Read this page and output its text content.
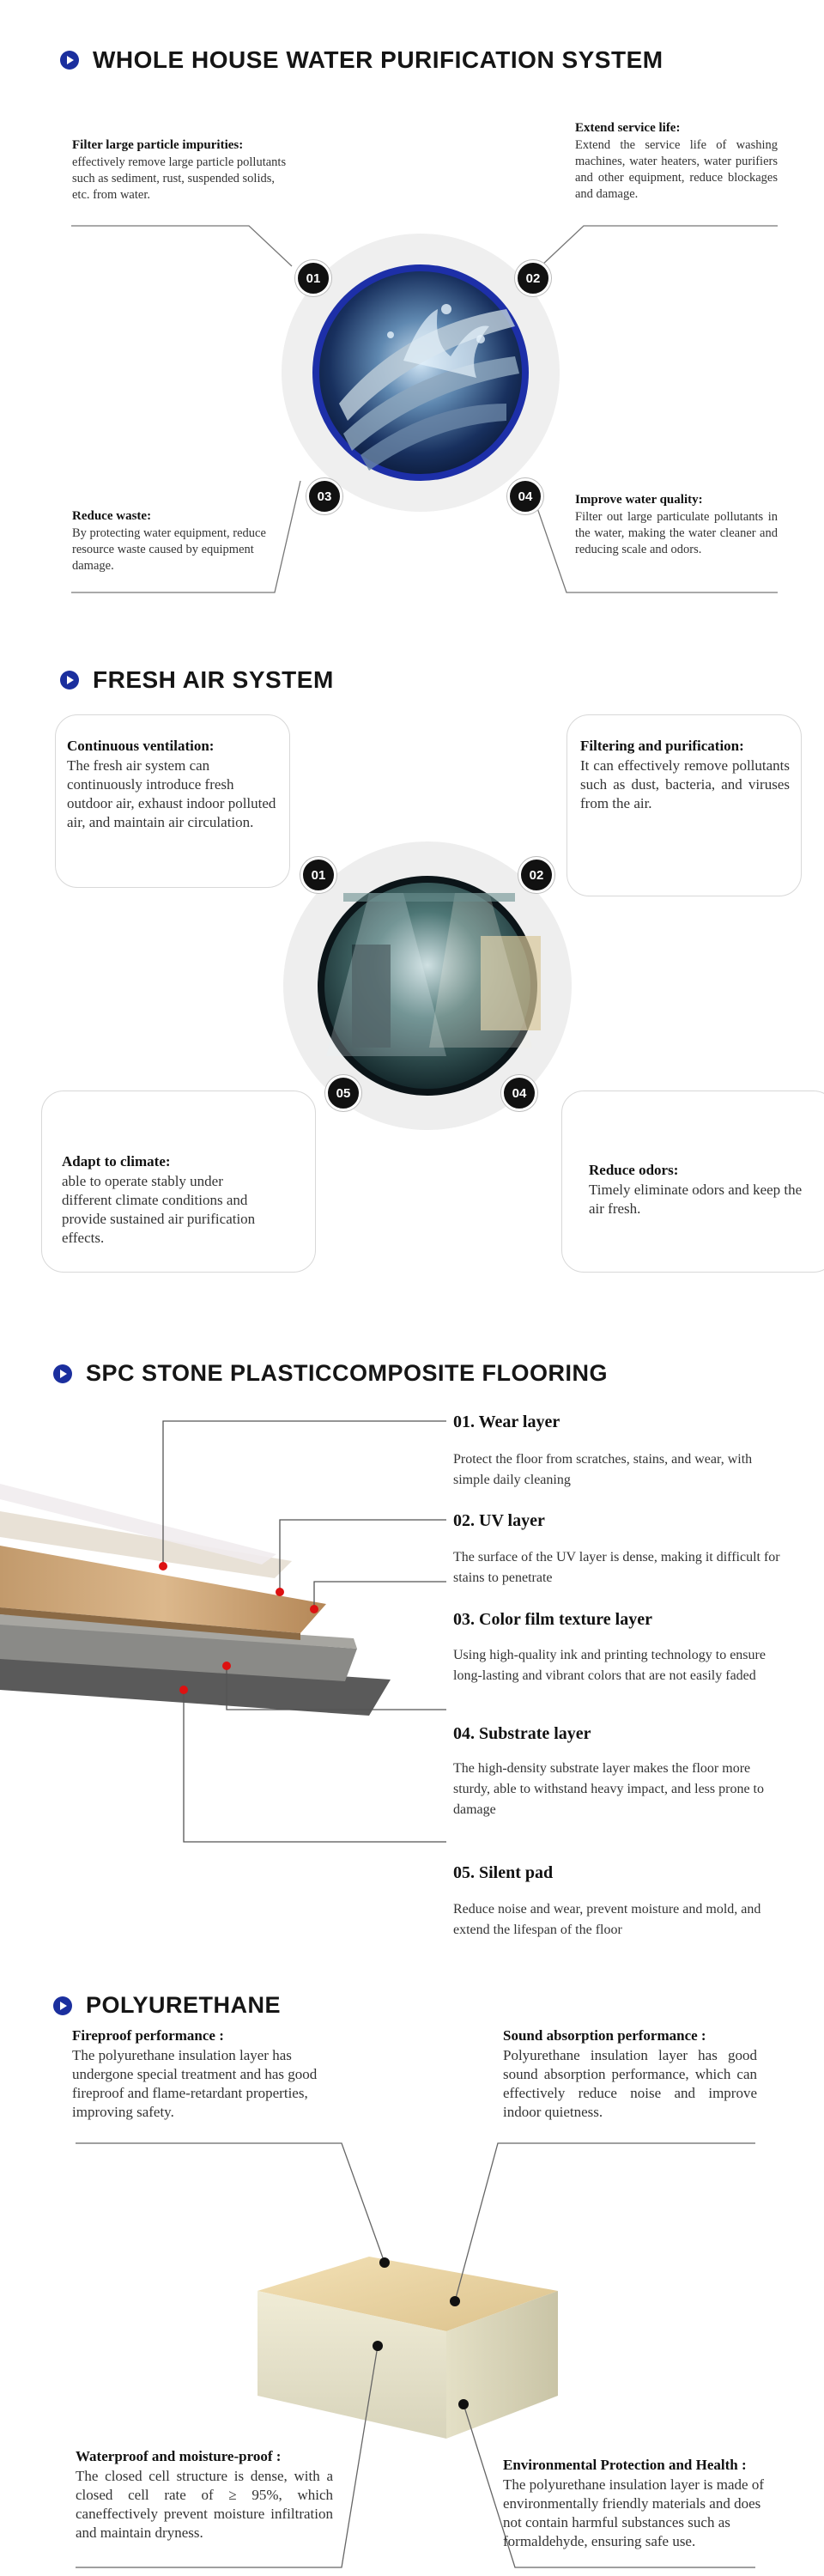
WHOLE HOUSE WATER PURIFICATION SYSTEM
01	02
03	04
Filter large particle impurities:
effectively remove large particle pollutants such as sediment, rust, suspended solids, etc. from water.
Extend service life:
Extend the service life of washing machines, water heaters, water purifiers and other equipment, reduce blockages and damage.
Reduce waste:
By protecting water equipment, reduce resource waste caused by equipment damage.
Improve water quality:
Filter out large particulate pollutants in the water, making the water cleaner and reducing scale and odors.
FRESH AIR SYSTEM
01	02
05	04
Continuous ventilation:
The fresh air system can continuously introduce fresh outdoor air, exhaust indoor polluted air, and maintain air circulation.
Filtering and purification:
It can effectively remove pollutants such as dust, bacteria, and viruses from the air.
Adapt to climate:
able to operate stably under different climate conditions and provide sustained air purification effects.
Reduce odors:
Timely eliminate odors and keep the air fresh.
SPC STONE PLASTICCOMPOSITE FLOORING
01. Wear layer
Protect the floor from scratches, stains, and wear, with simple daily cleaning
02. UV layer
The surface of the UV layer is dense, making it difficult for stains to penetrate
03. Color film texture layer
Using high-quality ink and printing technology to ensure long-lasting and vibrant colors that are not easily faded
04. Substrate layer
The high-density substrate layer makes the floor more sturdy, able to withstand heavy impact, and less prone to damage
05. Silent pad
Reduce noise and wear, prevent moisture and mold, and extend the lifespan of the floor
POLYURETHANE
Fireproof performance :
The polyurethane insulation layer has undergone special treatment and has good fireproof and flame-retardant properties, improving safety.
Sound absorption performance :
Polyurethane insulation layer has good sound absorption performance, which can effectively reduce noise and improve indoor quietness.
Waterproof and moisture-proof :
The closed cell structure is dense, with a closed cell rate of ≥ 95%, which caneffectively prevent moisture infiltration and maintain dryness.
Environmental Protection and Health :
The polyurethane insulation layer is made of environmentally friendly materials and does not contain harmful substances such as formaldehyde, ensuring safe use.
